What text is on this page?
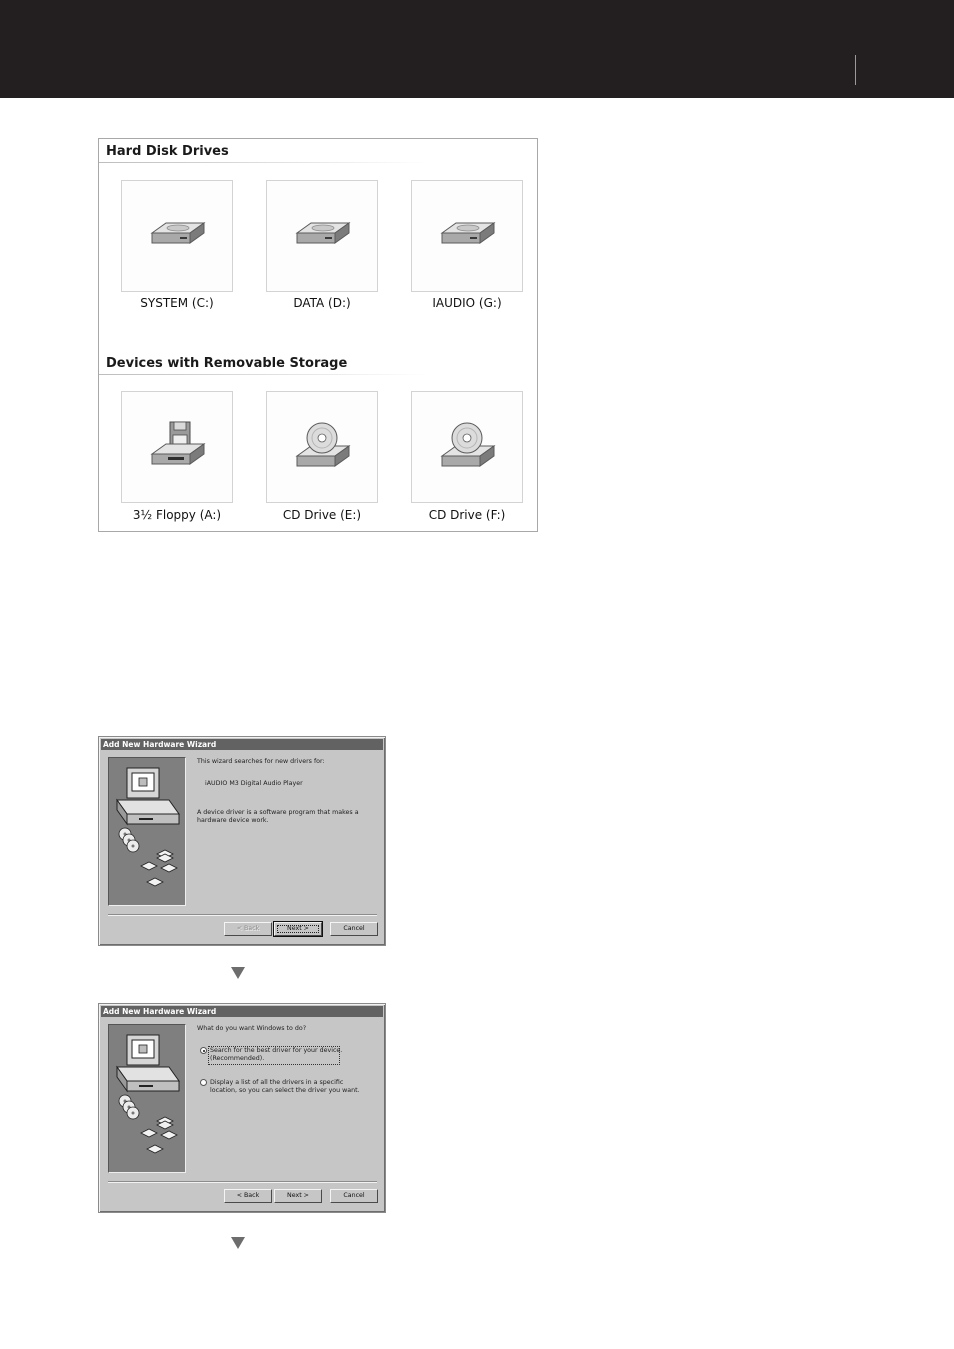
Hard Disk Drives
SYSTEM (C:)	DATA (D:)	IAUDIO (G:)
Devices with Removable Storage
3½ Floppy (A:)	CD Drive (E:)	CD Drive (F:)
Add New Hardware Wizard
This wizard searches for new drivers for:
iAUDIO M3 Digital Audio Player
A device driver is a software program that makes a
hardware device work.
< Back	Next >	Cancel
Add New Hardware Wizard
What do you want Windows to do?
Search for the best driver for your device.
(Recommended).
Display a list of all the drivers in a specific
location, so you can select the driver you want.
< Back	Next >	Cancel
